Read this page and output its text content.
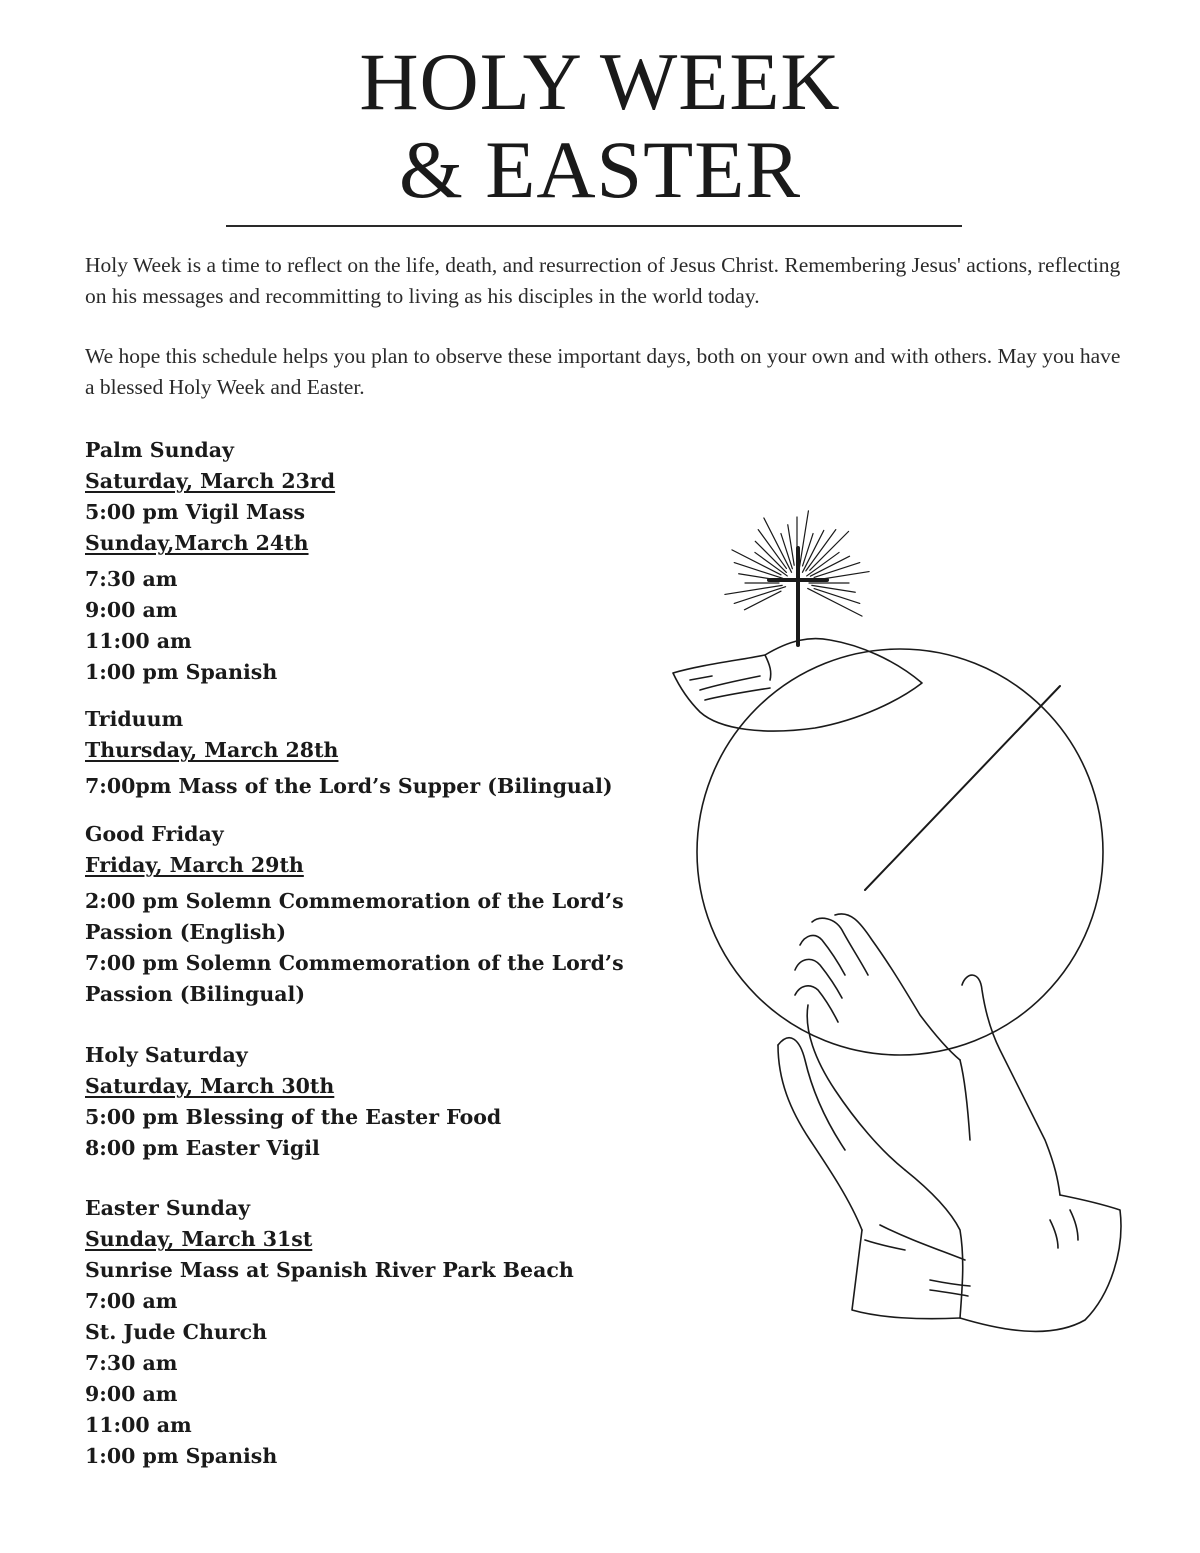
HOLY WEEK
& EASTER

Holy Week is a time to reflect on the life, death, and resurrection of Jesus Christ. Remembering Jesus' actions, reflecting on his messages and recommitting to living as his disciples in the world today.

We hope this schedule helps you plan to observe these important days, both on your own and with others. May you have a blessed Holy Week and Easter.

Palm Sunday
Saturday, March 23rd
5:00 pm Vigil Mass
Sunday,March 24th
7:30 am
9:00 am
11:00 am
1:00 pm Spanish
Triduum
Thursday, March 28th
7:00pm Mass of the Lord’s Supper (Bilingual)
Good Friday
Friday, March 29th
2:00 pm Solemn Commemoration of the Lord’s Passion (English)
7:00 pm Solemn Commemoration of the Lord’s Passion (Bilingual)
Holy Saturday
Saturday, March 30th
5:00 pm Blessing of the Easter Food
8:00 pm Easter Vigil
Easter Sunday
Sunday, March 31st
Sunrise Mass at Spanish River Park Beach
7:00 am
St. Jude Church
7:30 am
9:00 am
11:00 am
1:00 pm Spanish
